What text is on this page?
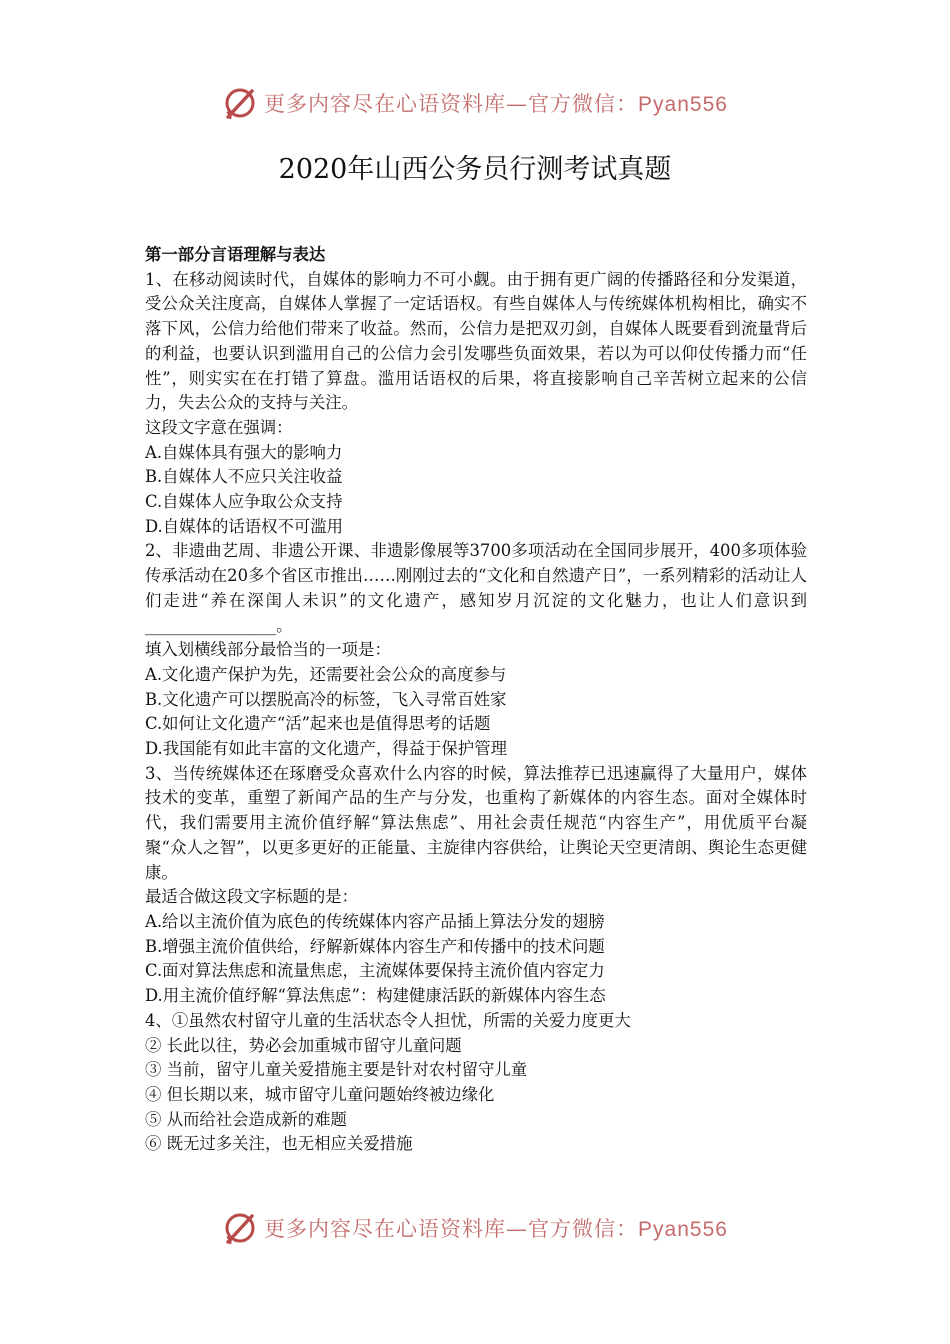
更多内容尽在心语资料库—官方微信：Pyan556
2020年山西公务员行测考试真题
第一部分言语理解与表达
1、在移动阅读时代，自媒体的影响力不可小觑。由于拥有更广阔的传播路径和分发渠道，受公众关注度高，自媒体人掌握了一定话语权。有些自媒体人与传统媒体机构相比，确实不落下风，公信力给他们带来了收益。然而，公信力是把双刃剑，自媒体人既要看到流量背后的利益，也要认识到滥用自己的公信力会引发哪些负面效果，若以为可以仰仗传播力而“任性”，则实实在在打错了算盘。滥用话语权的后果，将直接影响自己辛苦树立起来的公信力，失去公众的支持与关注。
这段文字意在强调：
A.自媒体具有强大的影响力
B.自媒体人不应只关注收益
C.自媒体人应争取公众支持
D.自媒体的话语权不可滥用
2、非遗曲艺周、非遗公开课、非遗影像展等3700多项活动在全国同步展开，400多项体验传承活动在20多个省区市推出……刚刚过去的“文化和自然遗产日”，一系列精彩的活动让人们走进“养在深闺人未识”的文化遗产，感知岁月沉淀的文化魅力，也让人们意识到________________。
填入划横线部分最恰当的一项是：
A.文化遗产保护为先，还需要社会公众的高度参与
B.文化遗产可以摆脱高冷的标签，飞入寻常百姓家
C.如何让文化遗产“活”起来也是值得思考的话题
D.我国能有如此丰富的文化遗产，得益于保护管理
3、当传统媒体还在琢磨受众喜欢什么内容的时候，算法推荐已迅速赢得了大量用户，媒体技术的变革，重塑了新闻产品的生产与分发，也重构了新媒体的内容生态。面对全媒体时代，我们需要用主流价值纾解“算法焦虑”、用社会责任规范“内容生产”，用优质平台凝聚“众人之智”，以更多更好的正能量、主旋律内容供给，让舆论天空更清朗、舆论生态更健康。
最适合做这段文字标题的是：
A.给以主流价值为底色的传统媒体内容产品插上算法分发的翅膀
B.增强主流价值供给，纾解新媒体内容生产和传播中的技术问题
C.面对算法焦虑和流量焦虑，主流媒体要保持主流价值内容定力
D.用主流价值纾解“算法焦虑”：构建健康活跃的新媒体内容生态
4、①虽然农村留守儿童的生活状态令人担忧，所需的关爱力度更大
② 长此以往，势必会加重城市留守儿童问题
③ 当前，留守儿童关爱措施主要是针对农村留守儿童
④ 但长期以来，城市留守儿童问题始终被边缘化
⑤ 从而给社会造成新的难题
⑥ 既无过多关注，也无相应关爱措施
更多内容尽在心语资料库—官方微信：Pyan556
